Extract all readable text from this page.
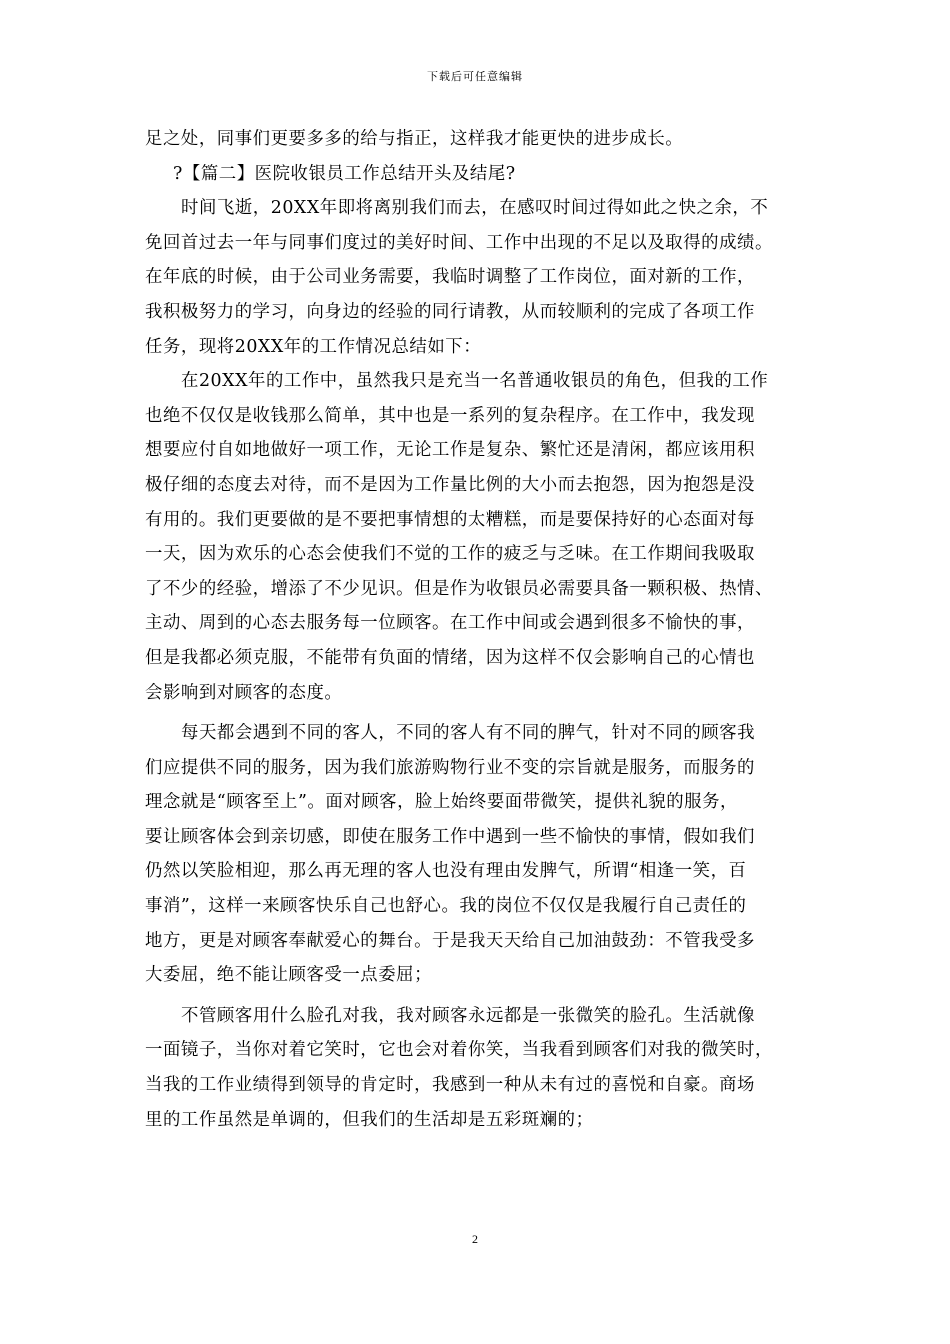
下载后可任意编辑
足之处，同事们更要多多的给与指正，这样我才能更快的进步成长。
?【篇二】医院收银员工作总结开头及结尾?
时间飞逝，20XX年即将离别我们而去，在感叹时间过得如此之快之余，不
免回首过去一年与同事们度过的美好时间、工作中出现的不足以及取得的成绩。
在年底的时候，由于公司业务需要，我临时调整了工作岗位，面对新的工作，
我积极努力的学习，向身边的经验的同行请教，从而较顺利的完成了各项工作
任务，现将20XX年的工作情况总结如下：
在20XX年的工作中，虽然我只是充当一名普通收银员的角色，但我的工作
也绝不仅仅是收钱那么简单，其中也是一系列的复杂程序。在工作中，我发现
想要应付自如地做好一项工作，无论工作是复杂、繁忙还是清闲，都应该用积
极仔细的态度去对待，而不是因为工作量比例的大小而去抱怨，因为抱怨是没
有用的。我们更要做的是不要把事情想的太糟糕，而是要保持好的心态面对每
一天，因为欢乐的心态会使我们不觉的工作的疲乏与乏味。在工作期间我吸取
了不少的经验，增添了不少见识。但是作为收银员必需要具备一颗积极、热情、
主动、周到的心态去服务每一位顾客。在工作中间或会遇到很多不愉快的事，
但是我都必须克服，不能带有负面的情绪，因为这样不仅会影响自己的心情也
会影响到对顾客的态度。
每天都会遇到不同的客人，不同的客人有不同的脾气，针对不同的顾客我
们应提供不同的服务，因为我们旅游购物行业不变的宗旨就是服务，而服务的
理念就是“顾客至上”。面对顾客，脸上始终要面带微笑，提供礼貌的服务，
要让顾客体会到亲切感，即使在服务工作中遇到一些不愉快的事情，假如我们
仍然以笑脸相迎，那么再无理的客人也没有理由发脾气，所谓“相逢一笑，百
事消”，这样一来顾客快乐自己也舒心。我的岗位不仅仅是我履行自己责任的
地方，更是对顾客奉献爱心的舞台。于是我天天给自己加油鼓劲：不管我受多
大委屈，绝不能让顾客受一点委屈；
不管顾客用什么脸孔对我，我对顾客永远都是一张微笑的脸孔。生活就像
一面镜子，当你对着它笑时，它也会对着你笑，当我看到顾客们对我的微笑时，
当我的工作业绩得到领导的肯定时，我感到一种从未有过的喜悦和自豪。商场
里的工作虽然是单调的，但我们的生活却是五彩斑斓的；
2
